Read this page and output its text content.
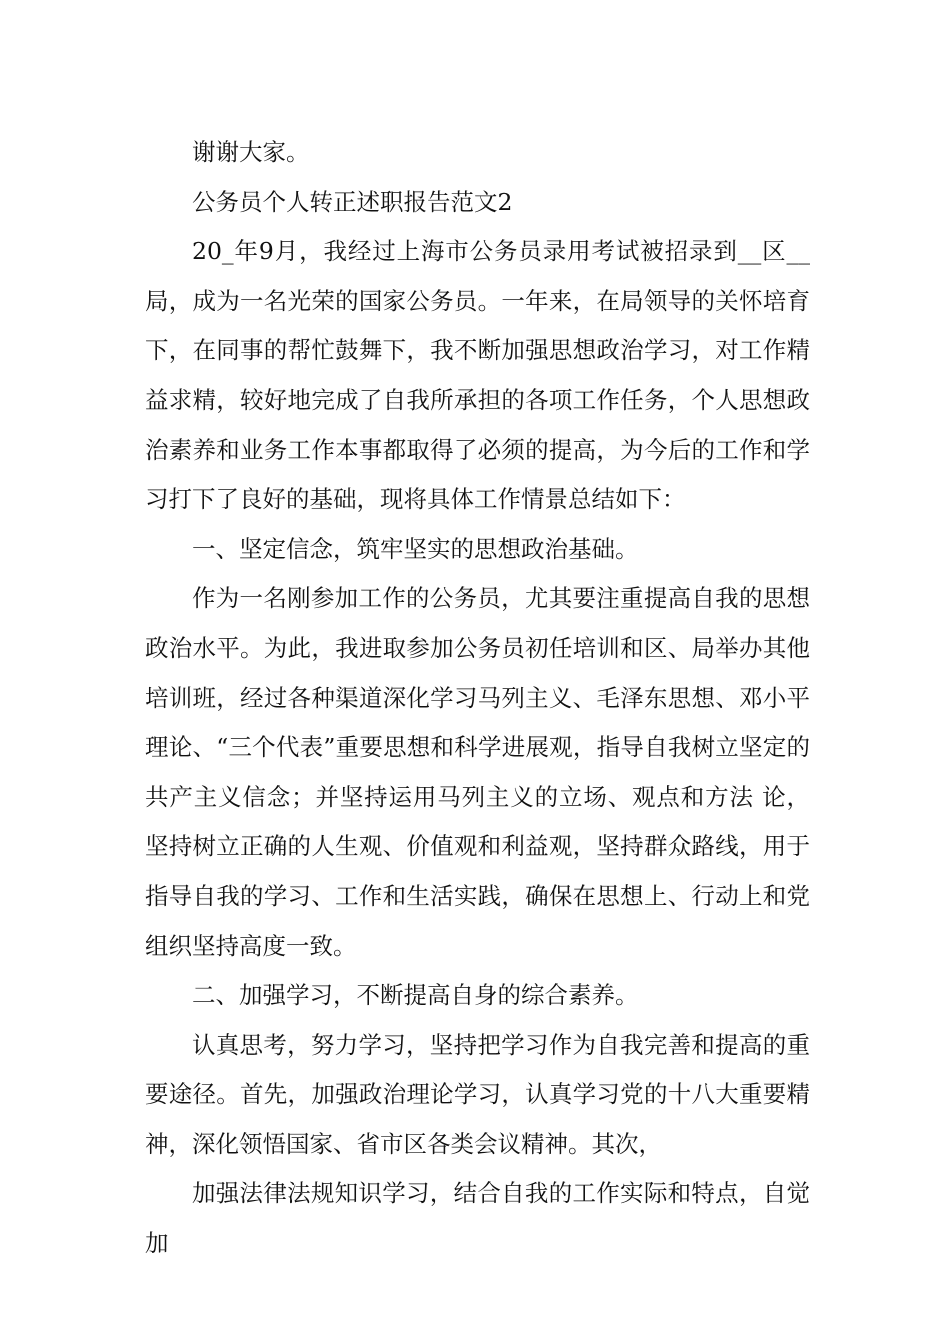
谢谢大家。

公务员个人转正述职报告范文2

20_年9月，我经过上海市公务员录用考试被招录到__区__局，成为一名光荣的国家公务员。一年来，在局领导的关怀培育下，在同事的帮忙鼓舞下，我不断加强思想政治学习，对工作精益求精，较好地完成了自我所承担的各项工作任务，个人思想政治素养和业务工作本事都取得了必须的提高，为今后的工作和学习打下了良好的基础，现将具体工作情景总结如下：

一、坚定信念，筑牢坚实的思想政治基础。

作为一名刚参加工作的公务员，尤其要注重提高自我的思想政治水平。为此，我进取参加公务员初任培训和区、局举办其他培训班，经过各种渠道深化学习马列主义、毛泽东思想、邓小平理论、“三个代表”重要思想和科学进展观，指导自我树立坚定的共产主义信念；并坚持运用马列主义的立场、观点和方法 论，坚持树立正确的人生观、价值观和利益观，坚持群众路线，用于指导自我的学习、工作和生活实践，确保在思想上、行动上和党组织坚持高度一致。

二、加强学习，不断提高自身的综合素养。

认真思考，努力学习，坚持把学习作为自我完善和提高的重要途径。首先，加强政治理论学习，认真学习党的十八大重要精神，深化领悟国家、省市区各类会议精神。其次，

加强法律法规知识学习，结合自我的工作实际和特点，自觉加
